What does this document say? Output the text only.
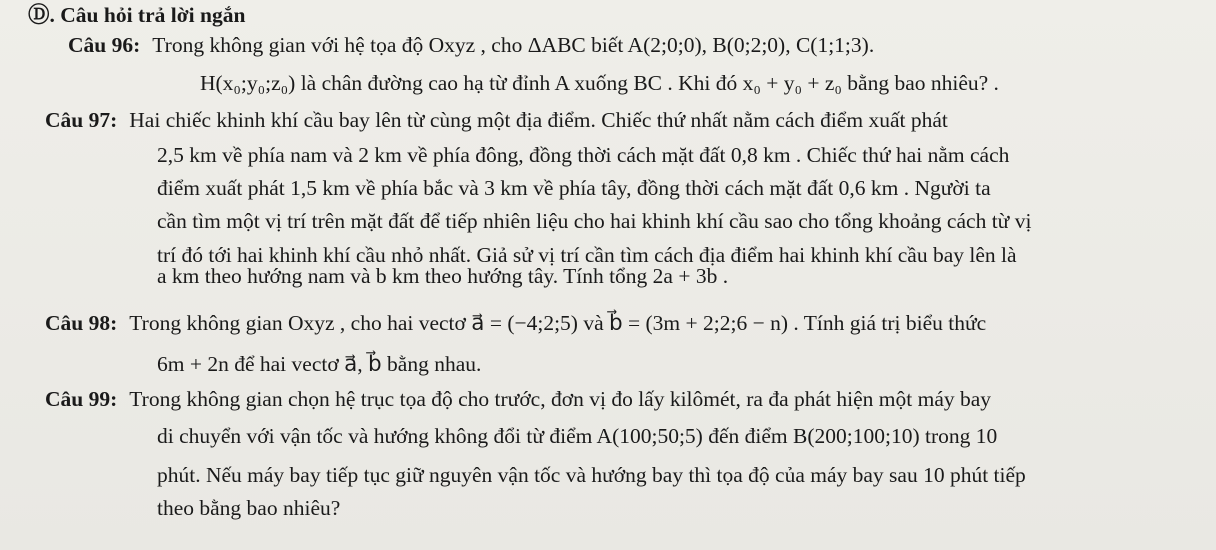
Ⓓ. Câu hỏi trả lời ngắn
Câu 96: Trong không gian với hệ tọa độ Oxyz , cho ΔABC biết A(2;0;0), B(0;2;0), C(1;1;3).
H(x₀;y₀;z₀) là chân đường cao hạ từ đỉnh A xuống BC . Khi đó x₀ + y₀ + z₀ bằng bao nhiêu? .
Câu 97: Hai chiếc khinh khí cầu bay lên từ cùng một địa điểm. Chiếc thứ nhất nằm cách điểm xuất phát
2,5 km về phía nam và 2 km về phía đông, đồng thời cách mặt đất 0,8 km . Chiếc thứ hai nằm cách
điểm xuất phát 1,5 km về phía bắc và 3 km về phía tây, đồng thời cách mặt đất 0,6 km . Người ta
cần tìm một vị trí trên mặt đất để tiếp nhiên liệu cho hai khinh khí cầu sao cho tổng khoảng cách từ vị
trí đó tới hai khinh khí cầu nhỏ nhất. Giả sử vị trí cần tìm cách địa điểm hai khinh khí cầu bay lên là
a km theo hướng nam và b km theo hướng tây. Tính tổng 2a + 3b .
Câu 98: Trong không gian Oxyz , cho hai vectơ a⃗ = (−4;2;5) và b⃗ = (3m + 2;2;6 − n) . Tính giá trị biểu thức
6m + 2n để hai vectơ a⃗, b⃗ bằng nhau.
Câu 99: Trong không gian chọn hệ trục tọa độ cho trước, đơn vị đo lấy kilômét, ra đa phát hiện một máy bay
di chuyển với vận tốc và hướng không đổi từ điểm A(100;50;5) đến điểm B(200;100;10) trong 10
phút. Nếu máy bay tiếp tục giữ nguyên vận tốc và hướng bay thì tọa độ của máy bay sau 10 phút tiếp
theo bằng bao nhiêu?
